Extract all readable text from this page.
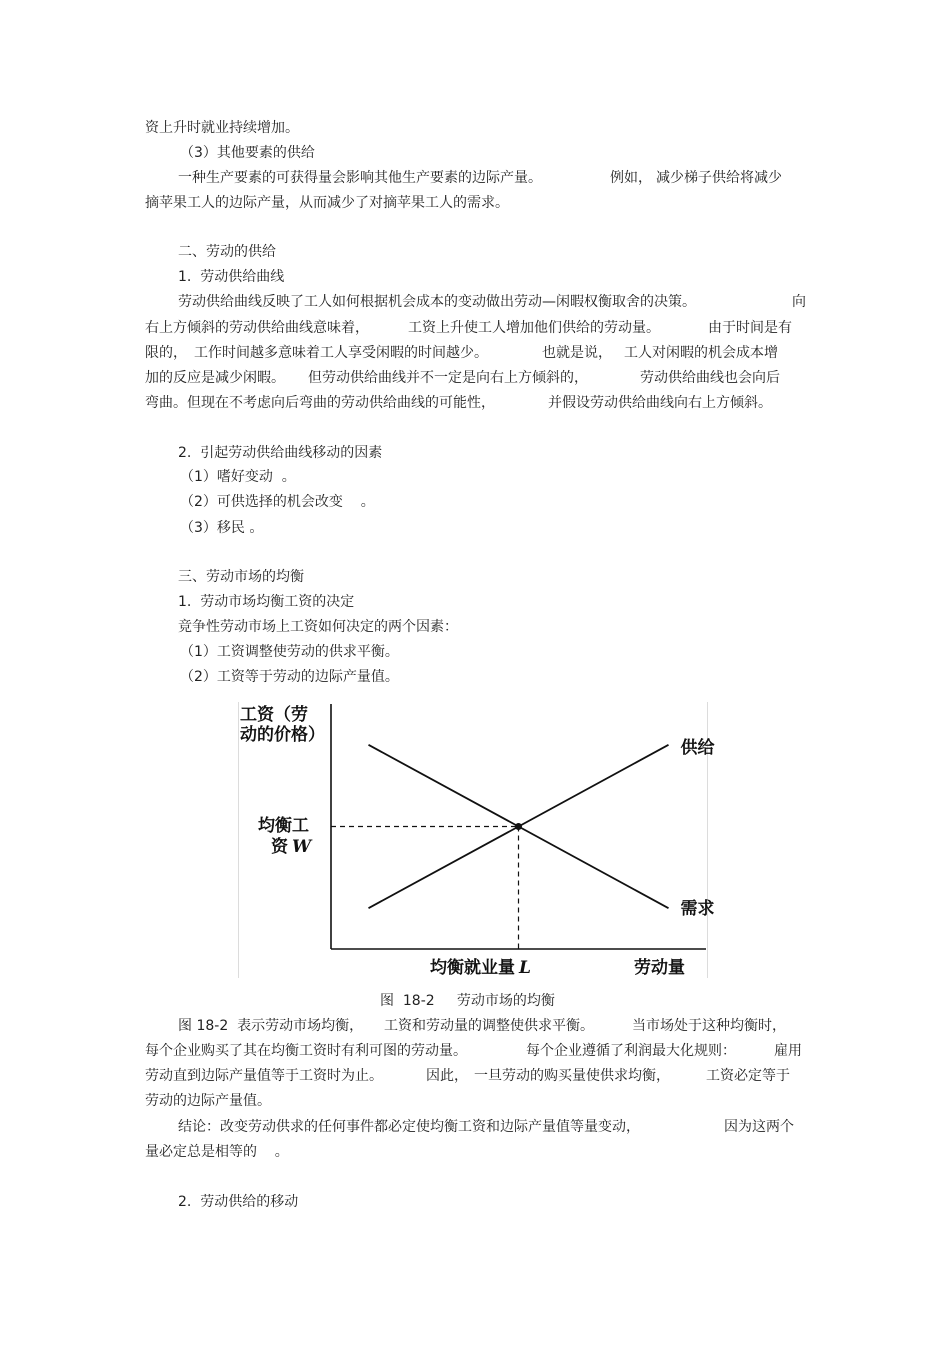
资上升时就业持续增加。
（3）其他要素的供给
一种生产要素的可获得量会影响其他生产要素的边际产量。	例如， 减少梯子供给将减少
摘苹果工人的边际产量，从而减少了对摘苹果工人的需求。
二、劳动的供给
1.  劳动供给曲线
劳动供给曲线反映了工人如何根据机会成本的变动做出劳动—闲暇权衡取舍的决策。	向
右上方倾斜的劳动供给曲线意味着，	工资上升使工人增加他们供给的劳动量。	由于时间是有
限的， 工作时间越多意味着工人享受闲暇的时间越少。	也就是说， 工人对闲暇的机会成本增
加的反应是减少闲暇。 但劳动供给曲线并不一定是向右上方倾斜的，	劳动供给曲线也会向后
弯曲。但现在不考虑向后弯曲的劳动供给曲线的可能性，	并假设劳动供给曲线向右上方倾斜。
2.  引起劳动供给曲线移动的因素
（1）嗜好变动  。
（2）可供选择的机会改变    。
（3）移民 。
三、劳动市场的均衡
1.  劳动市场均衡工资的决定
竞争性劳动市场上工资如何决定的两个因素：
（1）工资调整使劳动的供求平衡。
（2）工资等于劳动的边际产量值。
工资（劳
动的价格）
劳动量
均衡工
资 W
均衡就业量 L
供给
需求
图  18-2     劳动市场的均衡
图 18-2  表示劳动市场均衡， 工资和劳动量的调整使供求平衡。	当市场处于这种均衡时，
每个企业购买了其在均衡工资时有利可图的劳动量。	每个企业遵循了利润最大化规则：	雇用
劳动直到边际产量值等于工资时为止。	因此， 一旦劳动的购买量使供求均衡，	工资必定等于
劳动的边际产量值。
结论：改变劳动供求的任何事件都必定使均衡工资和边际产量值等量变动，	因为这两个
量必定总是相等的    。
2.  劳动供给的移动
